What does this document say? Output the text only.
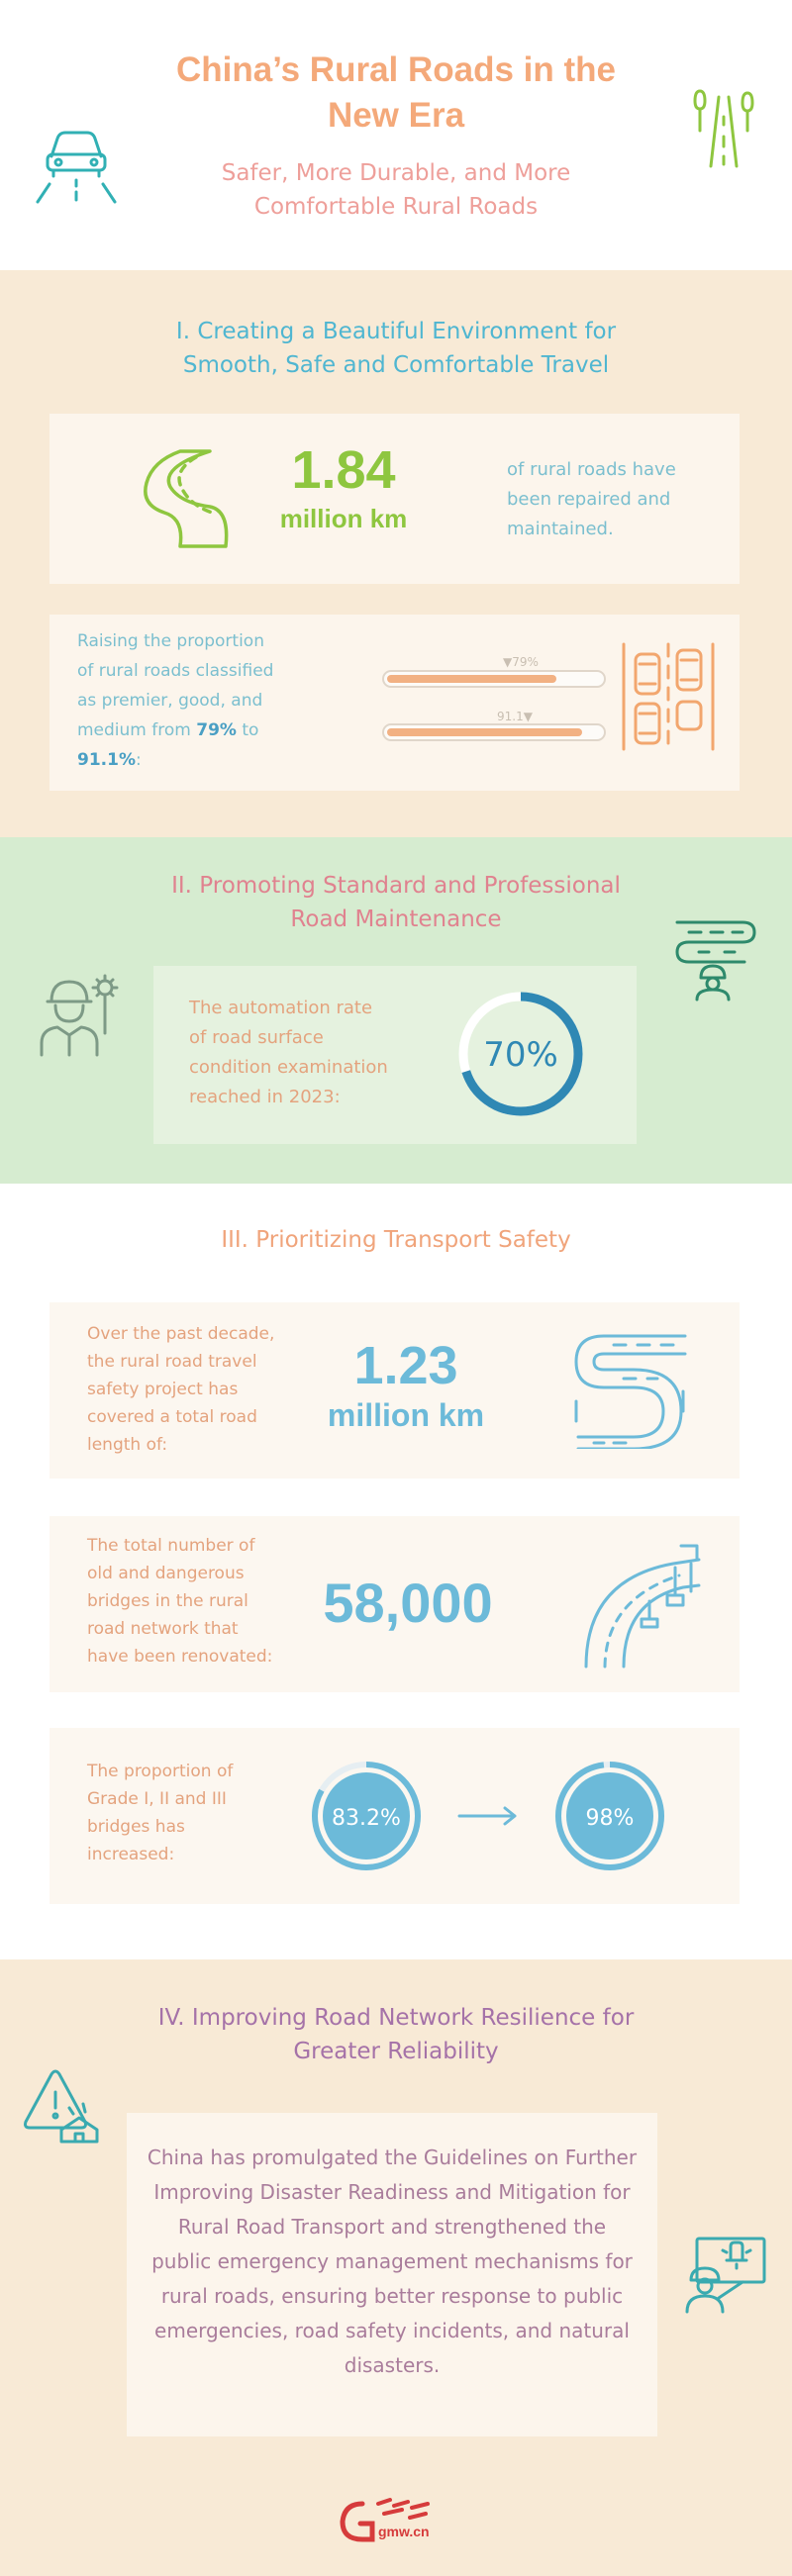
China’s Rural Roads in the
New Era
Safer, More Durable, and More
Comfortable Rural Roads
I. Creating a Beautiful Environment for
Smooth, Safe and Comfortable Travel
1.84
million km
of rural roads have
been repaired and
maintained.
Raising the proportion
of rural roads classified
as premier, good, and
medium from 79% to
91.1%:
▼79%
91.1▼
II. Promoting Standard and Professional
Road Maintenance
The automation rate
of road surface
condition examination
reached in 2023:
70%
III. Prioritizing Transport Safety
Over the past decade,
the rural road travel
safety project has
covered a total road
length of:
1.23
million km
The total number of
old and dangerous
bridges in the rural
road network that
have been renovated:
58,000
The proportion of
Grade I, II and III
bridges has
increased:
83.2%	98%
IV. Improving Road Network Resilience for
Greater Reliability
China has promulgated the Guidelines on Further Improving Disaster Readiness and Mitigation for Rural Road Transport and strengthened the public emergency management mechanisms for rural roads, ensuring better response to public emergencies, road safety incidents, and natural disasters.
gmw.cn
